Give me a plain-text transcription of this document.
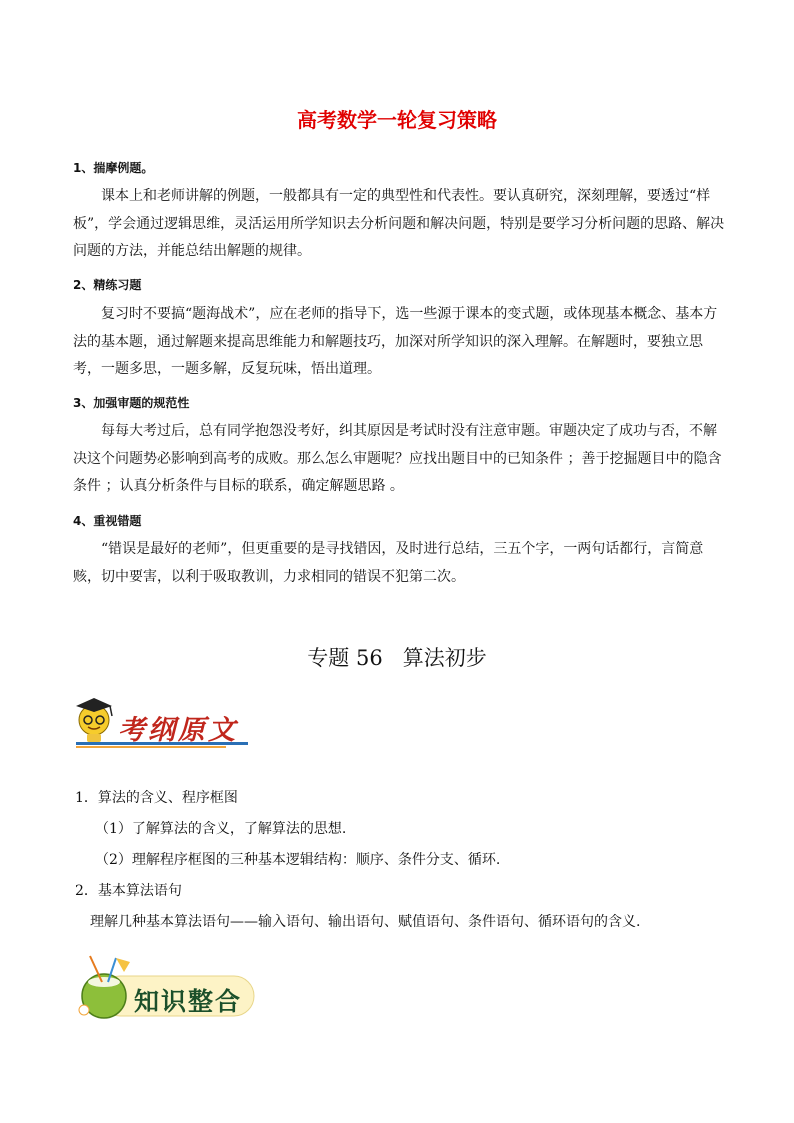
高考数学一轮复习策略
1、揣摩例题。
课本上和老师讲解的例题，一般都具有一定的典型性和代表性。要认真研究，深刻理解，要透过“样板”，学会通过逻辑思维，灵活运用所学知识去分析问题和解决问题，特别是要学习分析问题的思路、解决问题的方法，并能总结出解题的规律。
2、精练习题
复习时不要搞“题海战术”，应在老师的指导下，选一些源于课本的变式题，或体现基本概念、基本方法的基本题，通过解题来提高思维能力和解题技巧，加深对所学知识的深入理解。在解题时，要独立思考，一题多思，一题多解，反复玩味，悟出道理。
3、加强审题的规范性
每每大考过后，总有同学抱怨没考好，纠其原因是考试时没有注意审题。审题决定了成功与否，不解决这个问题势必影响到高考的成败。那么怎么审题呢？应找出题目中的已知条件 ；善于挖掘题目中的隐含条件 ；认真分析条件与目标的联系，确定解题思路 。
4、重视错题
“错误是最好的老师”，但更重要的是寻找错因，及时进行总结，三五个字，一两句话都行，言简意赅，切中要害，以利于吸取教训，力求相同的错误不犯第二次。
专题 56 算法初步
考纲原文
1．算法的含义、程序框图
（1）了解算法的含义，了解算法的思想.
（2）理解程序框图的三种基本逻辑结构：顺序、条件分支、循环.
2．基本算法语句
理解几种基本算法语句——输入语句、输出语句、赋值语句、条件语句、循环语句的含义.
知识整合
